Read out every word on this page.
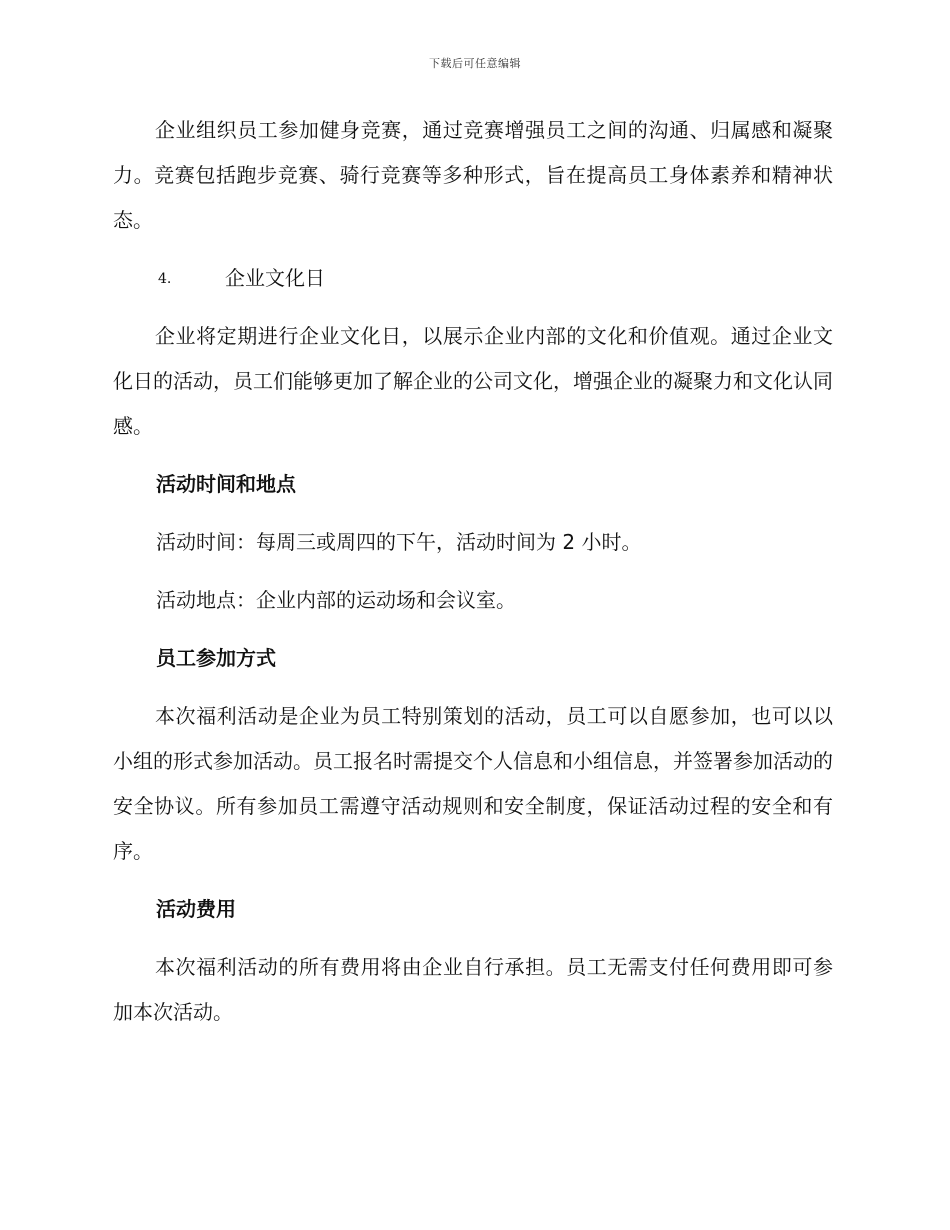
下载后可任意编辑

企业组织员工参加健身竞赛，通过竞赛增强员工之间的沟通、归属感和凝聚力。竞赛包括跑步竞赛、骑行竞赛等多种形式，旨在提高员工身体素养和精神状态。

4.	企业文化日

企业将定期进行企业文化日，以展示企业内部的文化和价值观。通过企业文化日的活动，员工们能够更加了解企业的公司文化，增强企业的凝聚力和文化认同感。

活动时间和地点

活动时间：每周三或周四的下午，活动时间为 2 小时。

活动地点：企业内部的运动场和会议室。

员工参加方式

本次福利活动是企业为员工特别策划的活动，员工可以自愿参加，也可以以小组的形式参加活动。员工报名时需提交个人信息和小组信息，并签署参加活动的安全协议。所有参加员工需遵守活动规则和安全制度，保证活动过程的安全和有序。

活动费用

本次福利活动的所有费用将由企业自行承担。员工无需支付任何费用即可参加本次活动。
